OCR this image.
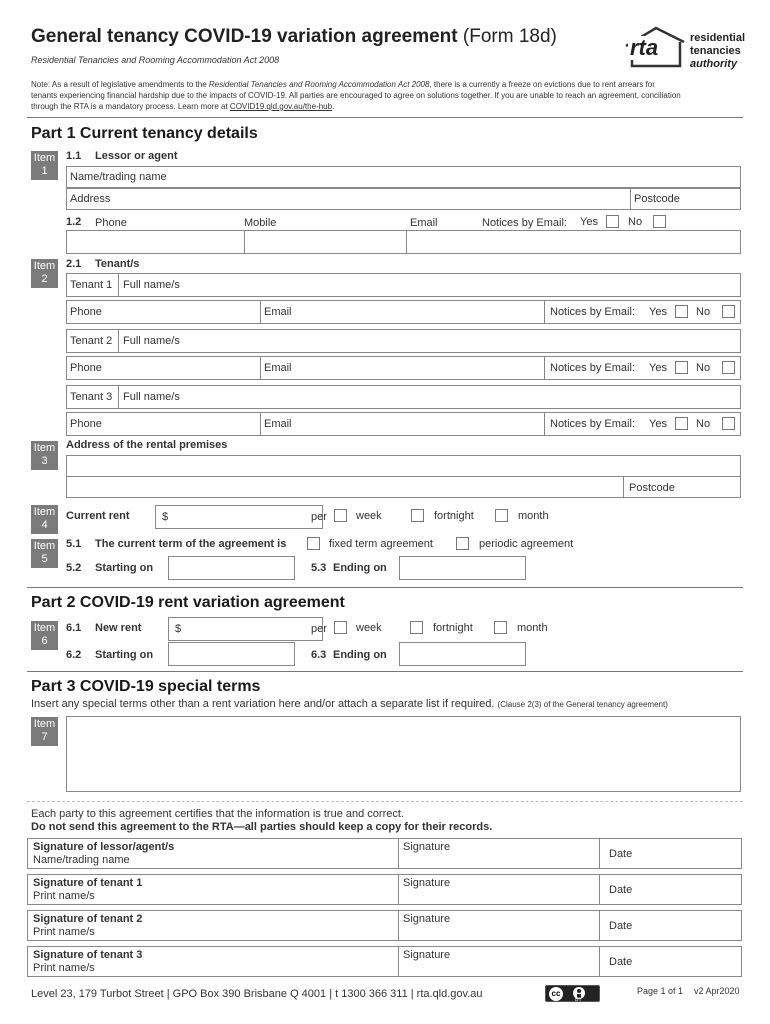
General tenancy COVID-19 variation agreement (Form 18d)
Residential Tenancies and Rooming Accommodation Act 2008	rta	residential
tenancies
authority
Note: As a result of legislative amendments to the Residential Tenancies and Rooming Accommodation Act 2008, there is a currently a freeze on evictions due to rent arrears for
tenants experiencing financial hardship due to the impacts of COVID-19. All parties are encouraged to agree on solutions together. If you are unable to reach an agreement, conciliation
through the RTA is a mandatory process. Learn more at COVID19.qld.gov.au/the-hub.
Part 1 Current tenancy details
Item
1
1.1 Lessor or agent
Name/trading name
Address	Postcode
1.2 Phone	Mobile	Email	Notices by Email: Yes	No
Item
2
2.1 Tenant/s
Tenant 1 Full name/s
Phone	Email	Notices by Email: Yes	No
Tenant 2 Full name/s
Phone	Email	Notices by Email: Yes	No
Tenant 3 Full name/s
Phone	Email	Notices by Email: Yes	No
Item
3
Address of the rental premises
Postcode
Item
4
Current rent	$	per	week	fortnight	month
Item
5
5.1 The current term of the agreement is	fixed term agreement	periodic agreement
5.2 Starting on	5.3 Ending on
Part 2 COVID-19 rent variation agreement
Item
6
6.1 New rent	$	per	week	fortnight	month
6.2 Starting on	6.3 Ending on
Part 3 COVID-19 special terms
Insert any special terms other than a rent variation here and/or attach a separate list if required. (Clause 2(3) of the General tenancy agreement)
Item
7
Each party to this agreement certifies that the information is true and correct.
Do not send this agreement to the RTA—all parties should keep a copy for their records.
Signature of lessor/agent/s
Name/trading name
Signature
Date
Signature of tenant 1
Print name/s
Signature
Date
Signature of tenant 2
Print name/s
Signature
Date
Signature of tenant 3
Print name/s
Signature
Date
Level 23, 179 Turbot Street | GPO Box 390 Brisbane Q 4001 | t 1300 366 311 | rta.qld.gov.au	cc
BY
Page 1 of 1 v2 Apr2020
